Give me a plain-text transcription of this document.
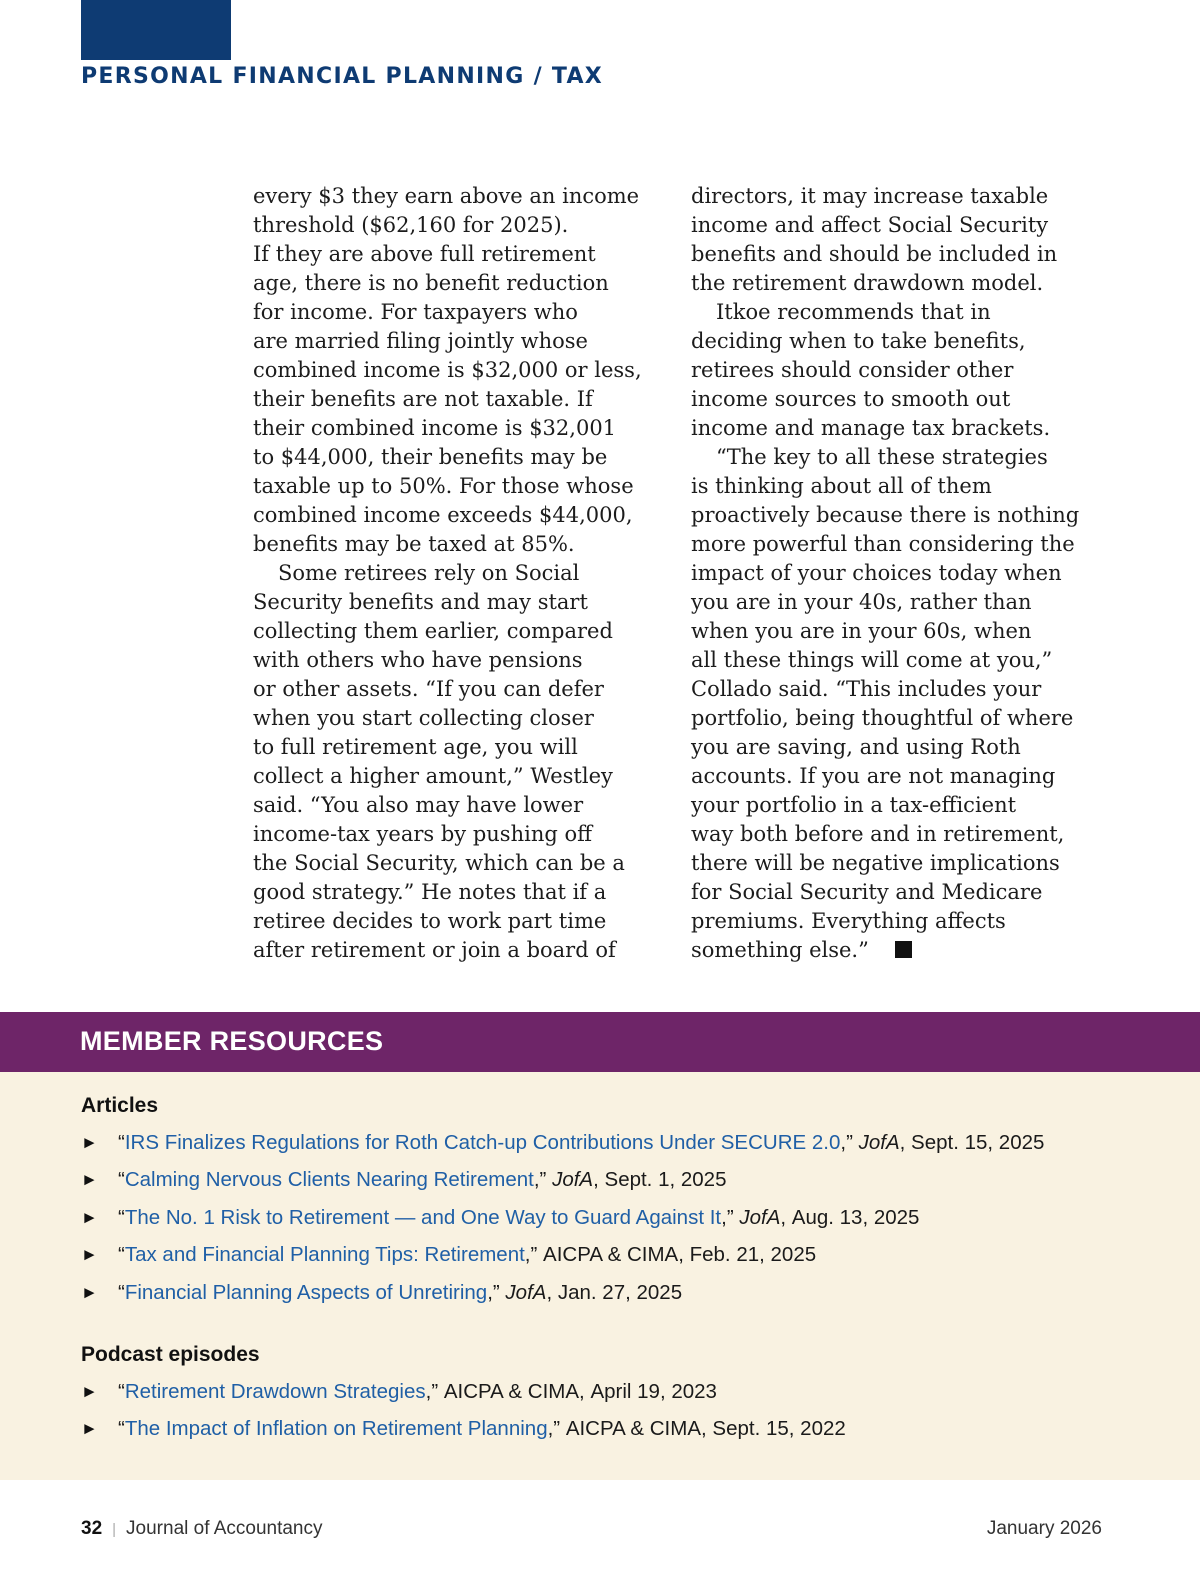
PERSONAL FINANCIAL PLANNING / TAX
every $3 they earn above an income
threshold ($62,160 for 2025).
If they are above full retirement
age, there is no benefit reduction
for income. For taxpayers who
are married filing jointly whose
combined income is $32,000 or less,
their benefits are not taxable. If
their combined income is $32,001
to $44,000, their benefits may be
taxable up to 50%. For those whose
combined income exceeds $44,000,
benefits may be taxed at 85%.
Some retirees rely on Social
Security benefits and may start
collecting them earlier, compared
with others who have pensions
or other assets. “If you can defer
when you start collecting closer
to full retirement age, you will
collect a higher amount,” Westley
said. “You also may have lower
income-tax years by pushing off
the Social Security, which can be a
good strategy.” He notes that if a
retiree decides to work part time
after retirement or join a board of
directors, it may increase taxable
income and affect Social Security
benefits and should be included in
the retirement drawdown model.
Itkoe recommends that in
deciding when to take benefits,
retirees should consider other
income sources to smooth out
income and manage tax brackets.
“The key to all these strategies
is thinking about all of them
proactively because there is nothing
more powerful than considering the
impact of your choices today when
you are in your 40s, rather than
when you are in your 60s, when
all these things will come at you,”
Collado said. “This includes your
portfolio, being thoughtful of where
you are saving, and using Roth
accounts. If you are not managing
your portfolio in a tax-efficient
way both before and in retirement,
there will be negative implications
for Social Security and Medicare
premiums. Everything affects
something else.”
MEMBER RESOURCES
Articles
► “ IRS Finalizes Regulations for Roth Catch-up Contributions Under SECURE 2.0 ,” JofA , Sept. 15, 2025
► “ Calming Nervous Clients Nearing Retirement ,” JofA , Sept. 1, 2025
► “ The No. 1 Risk to Retirement — and One Way to Guard Against It ,” JofA , Aug. 13, 2025
► “ Tax and Financial Planning Tips: Retirement ,” AICPA & CIMA , Feb. 21, 2025
► “ Financial Planning Aspects of Unretiring ,” JofA , Jan. 27, 2025
Podcast episodes
► “ Retirement Drawdown Strategies ,” AICPA & CIMA , April 19, 2023
► “ The Impact of Inflation on Retirement Planning ,” AICPA & CIMA , Sept. 15, 2022
32 | Journal of Accountancy	January 2026
